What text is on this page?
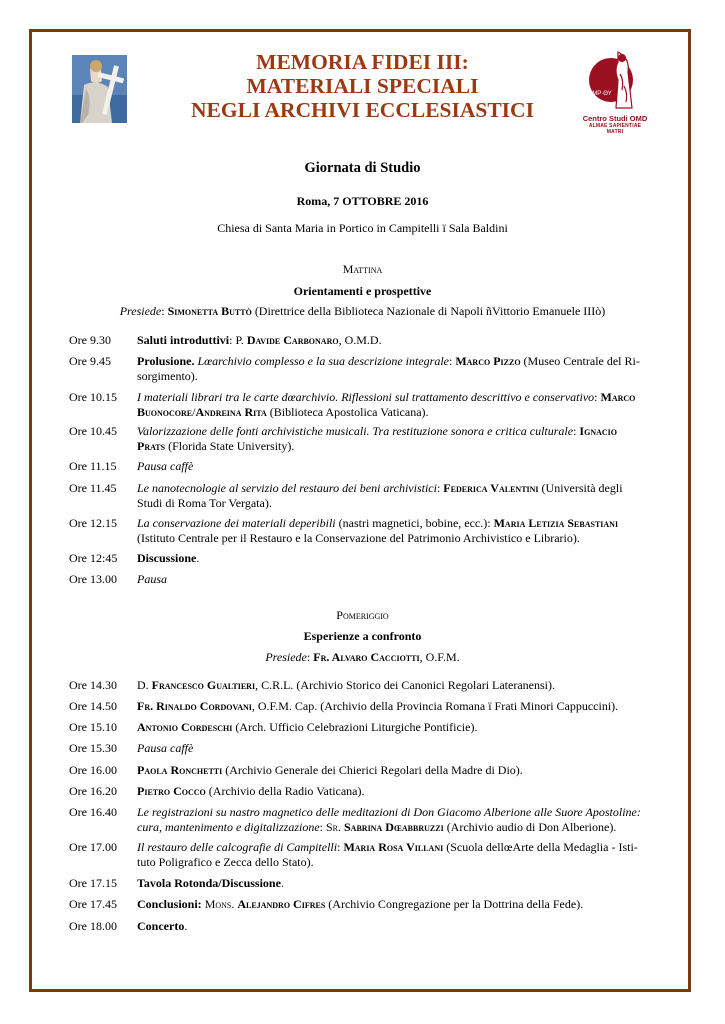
MEMORIA FIDEI III:
MATERIALI SPECIALI
NEGLI ARCHIVI ECCLESIASTICI
MP·ΘΥ
Centro Studi OMD
ALMAE SAPIENTIAE MATRI
Giornata di Studio
Roma, 7 OTTOBRE 2016
Chiesa di Santa Maria in Portico in Campitelli ï Sala Baldini
Mattina
Orientamenti e prospettive
Presiede: Simonetta Buttò (Direttrice della Biblioteca Nazionale di Napoli ñVittorio Emanuele IIIò)
Ore 9.30	Saluti introduttivi: P. Davide Carbonaro, O.M.D.
Ore 9.45	Prolusione. Lœarchivio complesso e la sua descrizione integrale: Marco Pizzo (Museo Centrale del Ri-
sorgimento).
Ore 10.15	I materiali librari tra le carte dœarchivio. Riflessioni sul trattamento descrittivo e conservativo: Marco
Buonocore/Andreina Rita (Biblioteca Apostolica Vaticana).
Ore 10.45	Valorizzazione delle fonti archivistiche musicali. Tra restituzione sonora e critica culturale: Ignacio
Prats (Florida State University).
Ore 11.15	Pausa caffè
Ore 11.45	Le nanotecnologie al servizio del restauro dei beni archivistici: Federica Valentini (Università degli
Studi di Roma Tor Vergata).
Ore 12.15	La conservazione dei materiali deperibili (nastri magnetici, bobine, ecc.): Maria Letizia Sebastiani
(Istituto Centrale per il Restauro e la Conservazione del Patrimonio Archivistico e Librario).
Ore 12:45	Discussione.
Ore 13.00	Pausa
Pomeriggio
Esperienze a confronto
Presiede: Fr. Alvaro Cacciotti, O.F.M.
Ore 14.30	D. Francesco Gualtieri, C.R.L. (Archivio Storico dei Canonici Regolari Lateranensi).
Ore 14.50	Fr. Rinaldo Cordovani, O.F.M. Cap. (Archivio della Provincia Romana ï Frati Minori Cappuccini).
Ore 15.10	Antonio Cordeschi (Arch. Ufficio Celebrazioni Liturgiche Pontificie).
Ore 15.30	Pausa caffè
Ore 16.00	Paola Ronchetti (Archivio Generale dei Chierici Regolari della Madre di Dio).
Ore 16.20	Pietro Cocco (Archivio della Radio Vaticana).
Ore 16.40	Le registrazioni su nastro magnetico delle meditazioni di Don Giacomo Alberione alle Suore Apostoline:
cura, mantenimento e digitalizzazione: Sr. Sabrina Dœabbruzzi (Archivio audio di Don Alberione).
Ore 17.00	Il restauro delle calcografie di Campitelli: Maria Rosa Villani (Scuola dellœArte della Medaglia - Isti-
tuto Poligrafico e Zecca dello Stato).
Ore 17.15	Tavola Rotonda/Discussione.
Ore 17.45	Conclusioni: Mons. Alejandro Cifres (Archivio Congregazione per la Dottrina della Fede).
Ore 18.00	Concerto.
